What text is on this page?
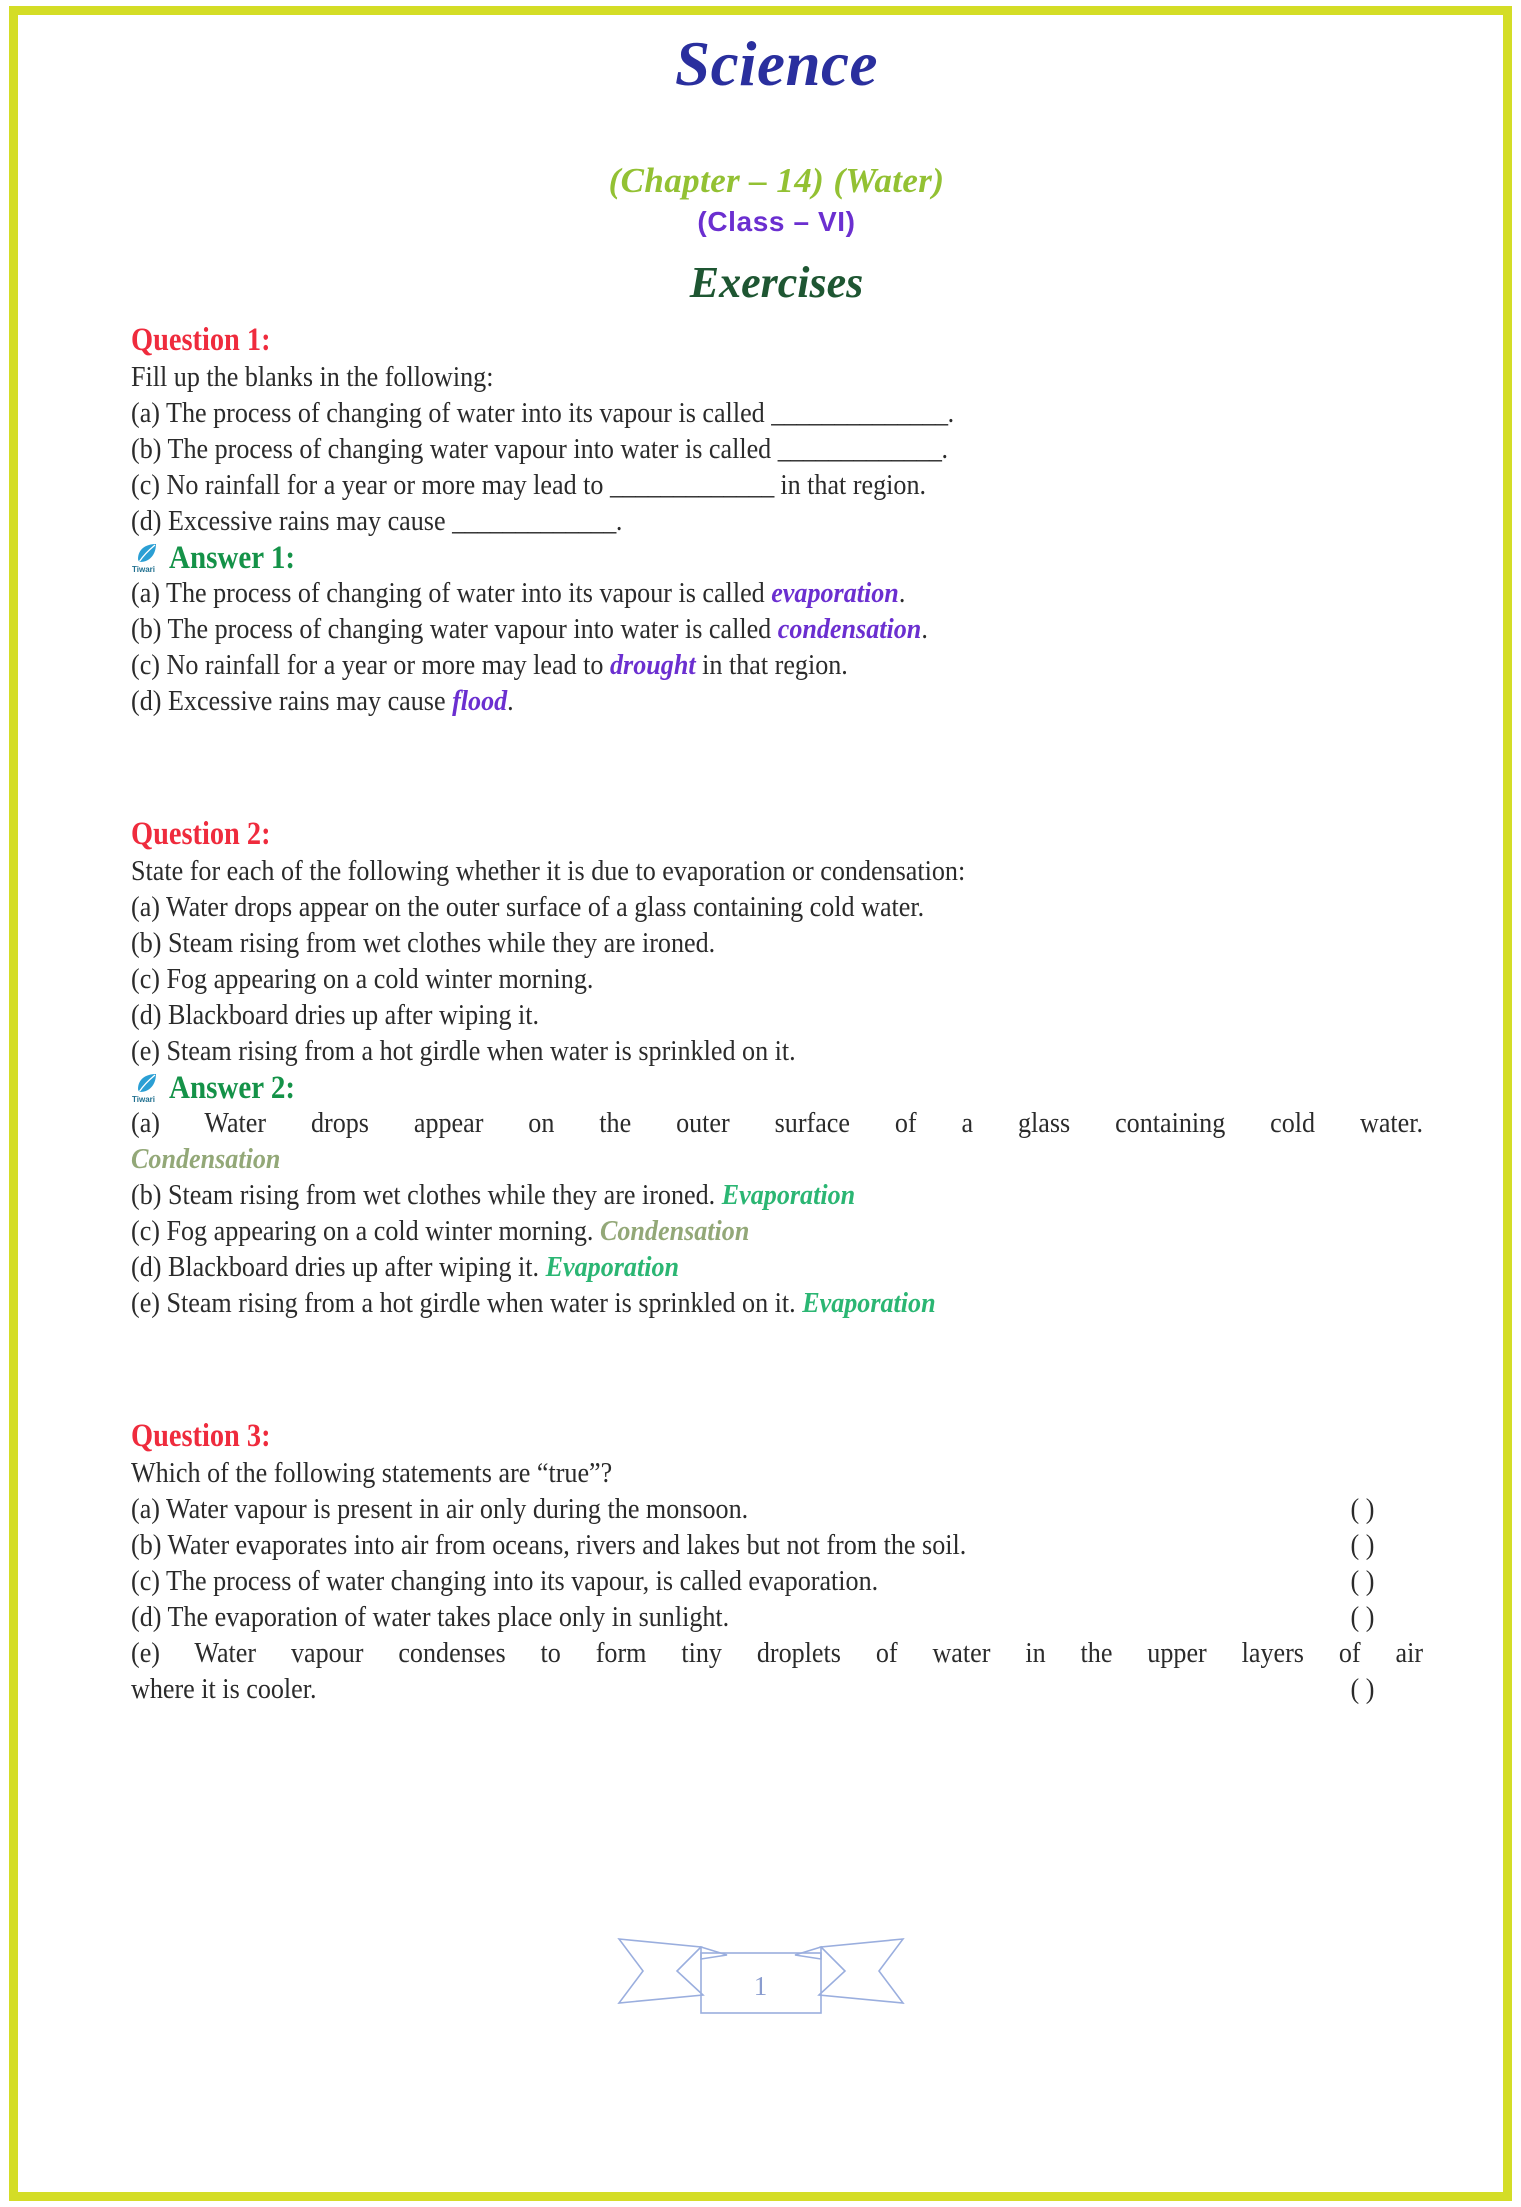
Science
(Chapter – 14) (Water)
(Class – VI)
Exercises
Question 1:
Fill up the blanks in the following:
(a) The process of changing of water into its vapour is called ______________.
(b) The process of changing water vapour into water is called _____________.
(c) No rainfall for a year or more may lead to _____________ in that region.
(d) Excessive rains may cause _____________.
Tiwari Answer 1:
(a) The process of changing of water into its vapour is called evaporation.
(b) The process of changing water vapour into water is called condensation.
(c) No rainfall for a year or more may lead to drought in that region.
(d) Excessive rains may cause flood.
Question 2:
State for each of the following whether it is due to evaporation or condensation:
(a) Water drops appear on the outer surface of a glass containing cold water.
(b) Steam rising from wet clothes while they are ironed.
(c) Fog appearing on a cold winter morning.
(d) Blackboard dries up after wiping it.
(e) Steam rising from a hot girdle when water is sprinkled on it.
Tiwari Answer 2:
(a) Water drops appear on the outer surface of a glass containing cold water.
Condensation
(b) Steam rising from wet clothes while they are ironed. Evaporation
(c) Fog appearing on a cold winter morning. Condensation
(d) Blackboard dries up after wiping it. Evaporation
(e) Steam rising from a hot girdle when water is sprinkled on it. Evaporation
Question 3:
Which of the following statements are “true”?
(a) Water vapour is present in air only during the monsoon.	( )
(b) Water evaporates into air from oceans, rivers and lakes but not from the soil.	( )
(c) The process of water changing into its vapour, is called evaporation.	( )
(d) The evaporation of water takes place only in sunlight.	( )
(e) Water vapour condenses to form tiny droplets of water in the upper layers of air
where it is cooler.	( )
1
